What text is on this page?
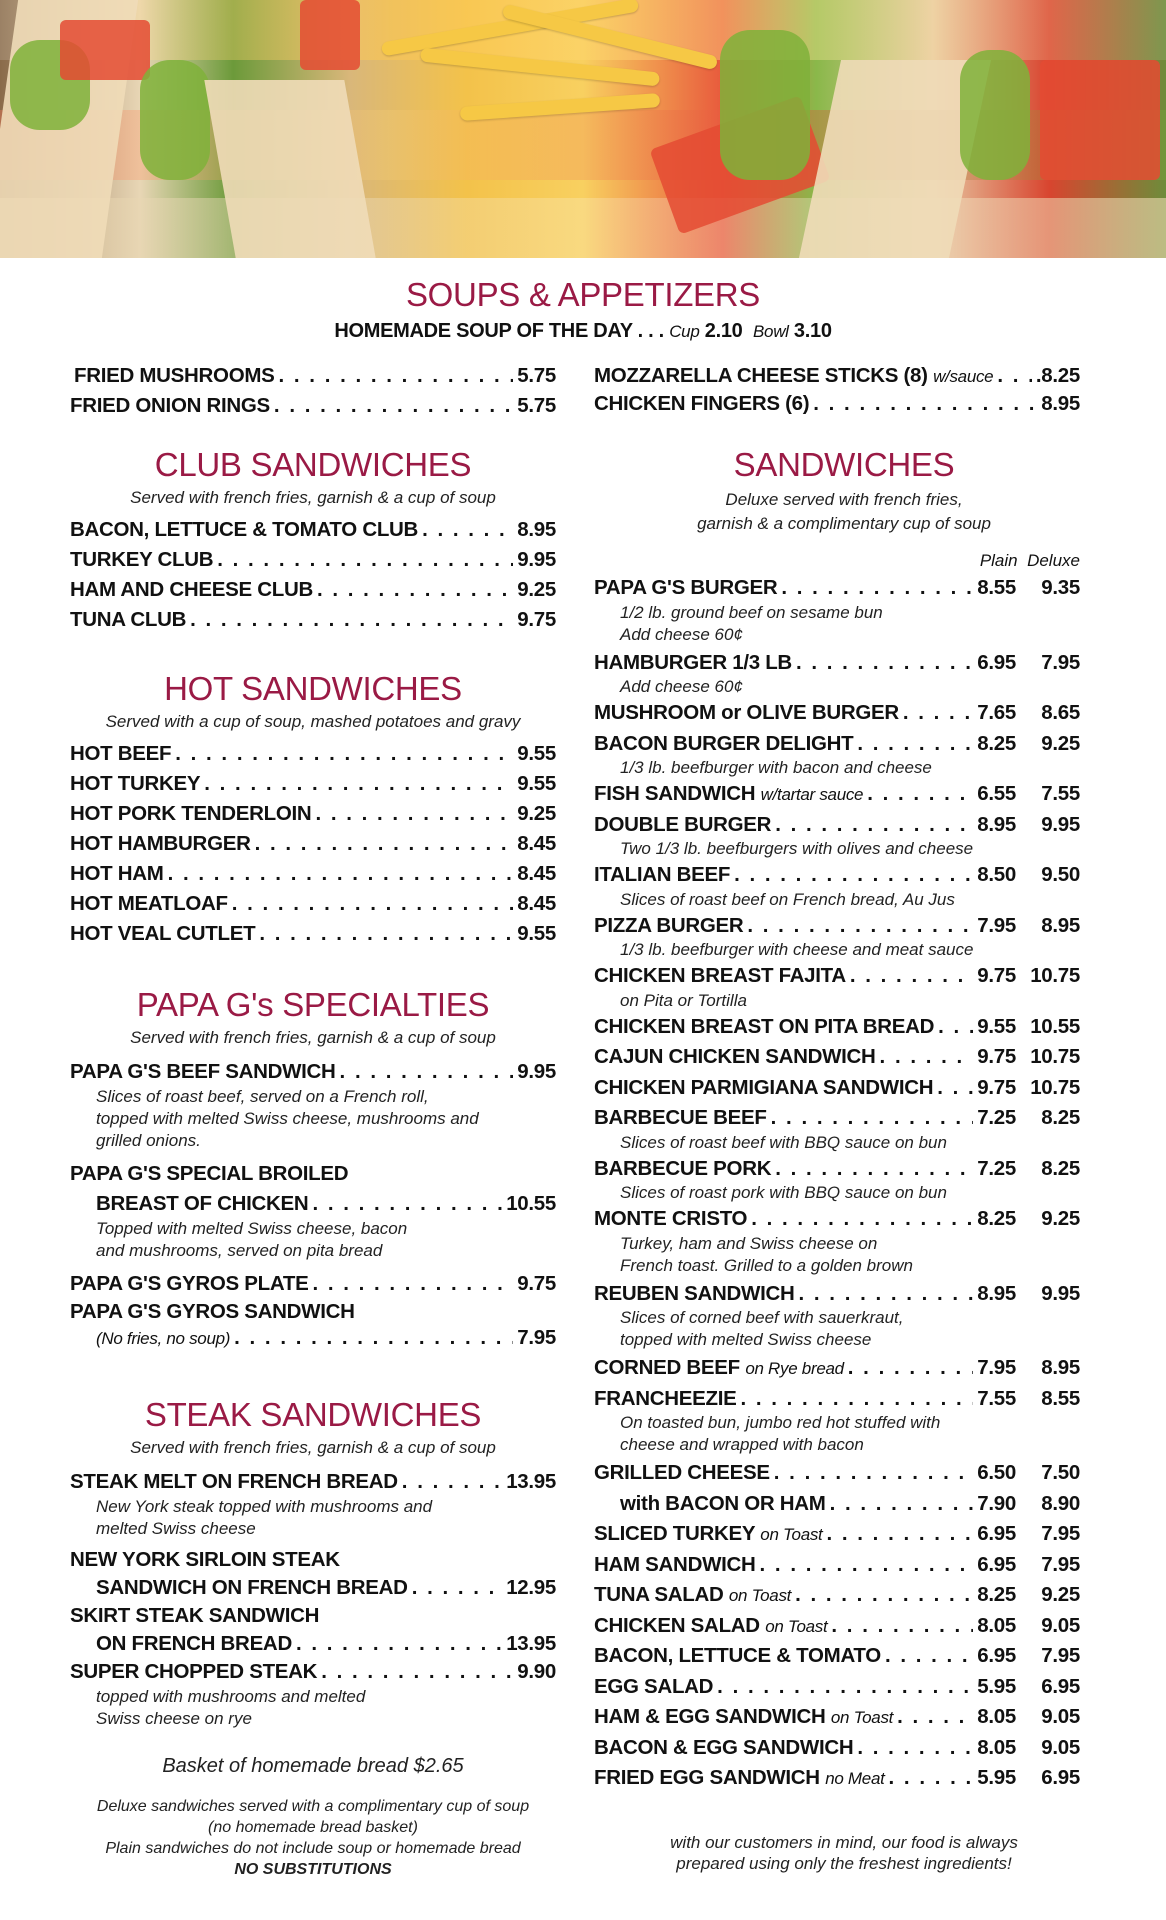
SOUPS & APPETIZERS
HOMEMADE SOUP OF THE DAY . . . Cup 2.10 Bowl 3.10
FRIED MUSHROOMS . . .	5.75
FRIED ONION RINGS . . .	5.75
MOZZARELLA CHEESE STICKS (8) w/sauce . . . .8.25
CHICKEN FINGERS (6) . . .	8.95
CLUB SANDWICHES
Served with french fries, garnish & a cup of soup
BACON, LETTUCE & TOMATO CLUB . . .	8.95
TURKEY CLUB . . .	9.95
HAM AND CHEESE CLUB . . .	9.25
TUNA CLUB . . .	9.75
HOT SANDWICHES
Served with a cup of soup, mashed potatoes and gravy
HOT BEEF . . .	9.55
HOT TURKEY . . .	9.55
HOT PORK TENDERLOIN . . .	9.25
HOT HAMBURGER . . .	8.45
HOT HAM . . .	8.45
HOT MEATLOAF . . .	8.45
HOT VEAL CUTLET . . .	9.55
PAPA G's SPECIALTIES
Served with french fries, garnish & a cup of soup
PAPA G'S BEEF SANDWICH . . .	9.95
Slices of roast beef, served on a French roll,
topped with melted Swiss cheese, mushrooms and
grilled onions.
PAPA G'S SPECIAL BROILED
BREAST OF CHICKEN . . .	10.55
Topped with melted Swiss cheese, bacon
and mushrooms, served on pita bread
PAPA G'S GYROS PLATE . . .	9.75
PAPA G'S GYROS SANDWICH
(No fries, no soup) . . .	7.95
STEAK SANDWICHES
Served with french fries, garnish & a cup of soup
STEAK MELT ON FRENCH BREAD . . .	13.95
New York steak topped with mushrooms and
melted Swiss cheese
NEW YORK SIRLOIN STEAK
SANDWICH ON FRENCH BREAD . . .	12.95
SKIRT STEAK SANDWICH
ON FRENCH BREAD . . .	13.95
SUPER CHOPPED STEAK . . .	9.90
topped with mushrooms and melted
Swiss cheese on rye
Basket of homemade bread $2.65
Deluxe sandwiches served with a complimentary cup of soup
(no homemade bread basket)
Plain sandwiches do not include soup or homemade bread
NO SUBSTITUTIONS
SANDWICHES
Deluxe served with french fries,
garnish & a complimentary cup of soup
Plain Deluxe
PAPA G'S BURGER . . .	8.55	9.35
1/2 lb. ground beef on sesame bun
Add cheese 60¢
HAMBURGER 1/3 LB . . .	6.95	7.95
Add cheese 60¢
MUSHROOM or OLIVE BURGER . . .	7.65	8.65
BACON BURGER DELIGHT . . .	8.25	9.25
1/3 lb. beefburger with bacon and cheese
FISH SANDWICH w/tartar sauce . . .	6.55	7.55
DOUBLE BURGER . . .	8.95	9.95
Two 1/3 lb. beefburgers with olives and cheese
ITALIAN BEEF . . .	8.50	9.50
Slices of roast beef on French bread, Au Jus
PIZZA BURGER . . .	7.95	8.95
1/3 lb. beefburger with cheese and meat sauce
CHICKEN BREAST FAJITA . . .	9.75 10.75
on Pita or Tortilla
CHICKEN BREAST ON PITA BREAD . . . 9.55 10.55
CAJUN CHICKEN SANDWICH . . .	9.75 10.75
CHICKEN PARMIGIANA SANDWICH . . . 9.75 10.75
BARBECUE BEEF . . .	7.25	8.25
Slices of roast beef with BBQ sauce on bun
BARBECUE PORK . . .	7.25	8.25
Slices of roast pork with BBQ sauce on bun
MONTE CRISTO . . .	8.25	9.25
Turkey, ham and Swiss cheese on
French toast. Grilled to a golden brown
REUBEN SANDWICH . . .	8.95	9.95
Slices of corned beef with sauerkraut,
topped with melted Swiss cheese
CORNED BEEF on Rye bread . . .	7.95	8.95
FRANCHEEZIE . . .	7.55	8.55
On toasted bun, jumbo red hot stuffed with
cheese and wrapped with bacon
GRILLED CHEESE . . .	6.50	7.50
with BACON OR HAM . . .	7.90	8.90
SLICED TURKEY on Toast . . .	6.95	7.95
HAM SANDWICH . . .	6.95	7.95
TUNA SALAD on Toast . . .	8.25	9.25
CHICKEN SALAD on Toast . . .	8.05	9.05
BACON, LETTUCE & TOMATO . . .	6.95	7.95
EGG SALAD . . .	5.95	6.95
HAM & EGG SANDWICH on Toast . . .	8.05	9.05
BACON & EGG SANDWICH . . .	8.05	9.05
FRIED EGG SANDWICH no Meat . . .	5.95	6.95
with our customers in mind, our food is always
prepared using only the freshest ingredients!
